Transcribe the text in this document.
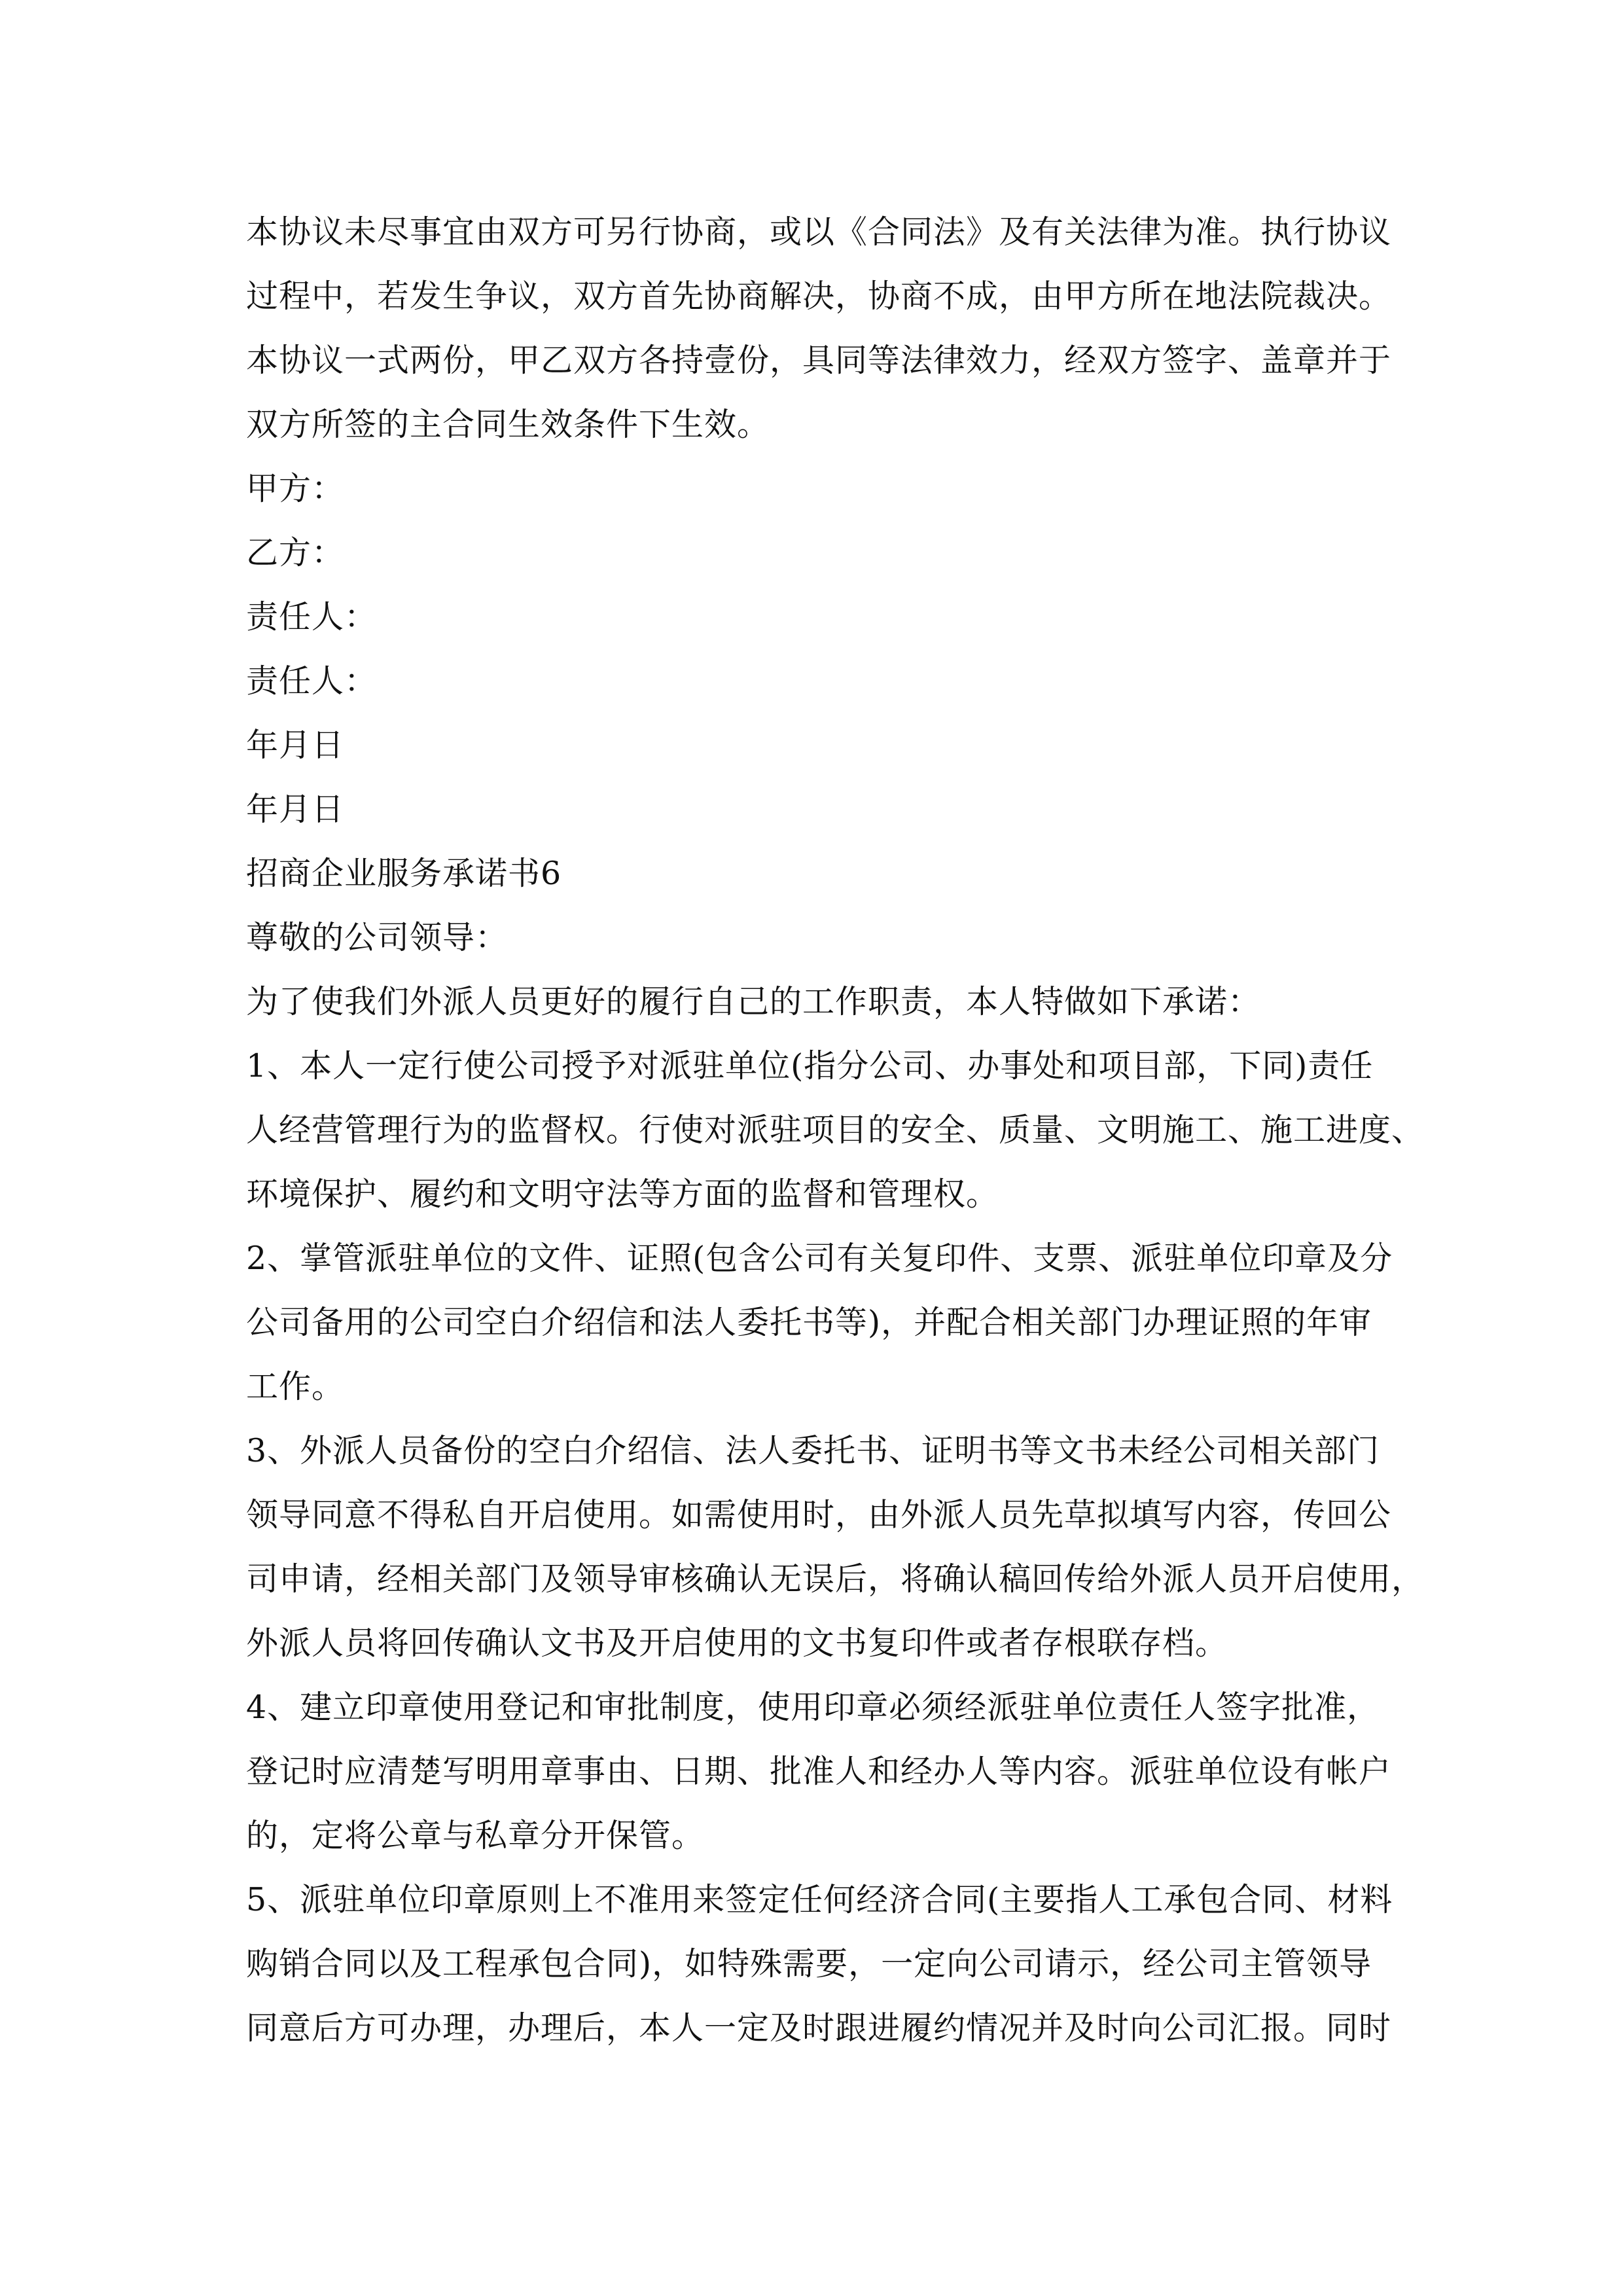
本协议未尽事宜由双方可另行协商，或以《合同法》及有关法律为准。执行协议

过程中，若发生争议，双方首先协商解决，协商不成，由甲方所在地法院裁决。

本协议一式两份，甲乙双方各持壹份，具同等法律效力，经双方签字、盖章并于

双方所签的主合同生效条件下生效。

甲方：

乙方：

责任人：

责任人：

年月日

年月日

招商企业服务承诺书6

尊敬的公司领导：

为了使我们外派人员更好的履行自己的工作职责，本人特做如下承诺：

1、本人一定行使公司授予对派驻单位(指分公司、办事处和项目部，下同)责任

人经营管理行为的监督权。行使对派驻项目的安全、质量、文明施工、施工进度、

环境保护、履约和文明守法等方面的监督和管理权。

2、掌管派驻单位的文件、证照(包含公司有关复印件、支票、派驻单位印章及分

公司备用的公司空白介绍信和法人委托书等)，并配合相关部门办理证照的年审

工作。

3、外派人员备份的空白介绍信、法人委托书、证明书等文书未经公司相关部门

领导同意不得私自开启使用。如需使用时，由外派人员先草拟填写内容，传回公

司申请，经相关部门及领导审核确认无误后，将确认稿回传给外派人员开启使用，

外派人员将回传确认文书及开启使用的文书复印件或者存根联存档。

4、建立印章使用登记和审批制度，使用印章必须经派驻单位责任人签字批准，

登记时应清楚写明用章事由、日期、批准人和经办人等内容。派驻单位设有帐户

的，定将公章与私章分开保管。

5、派驻单位印章原则上不准用来签定任何经济合同(主要指人工承包合同、材料

购销合同以及工程承包合同)，如特殊需要，一定向公司请示，经公司主管领导

同意后方可办理，办理后，本人一定及时跟进履约情况并及时向公司汇报。同时
